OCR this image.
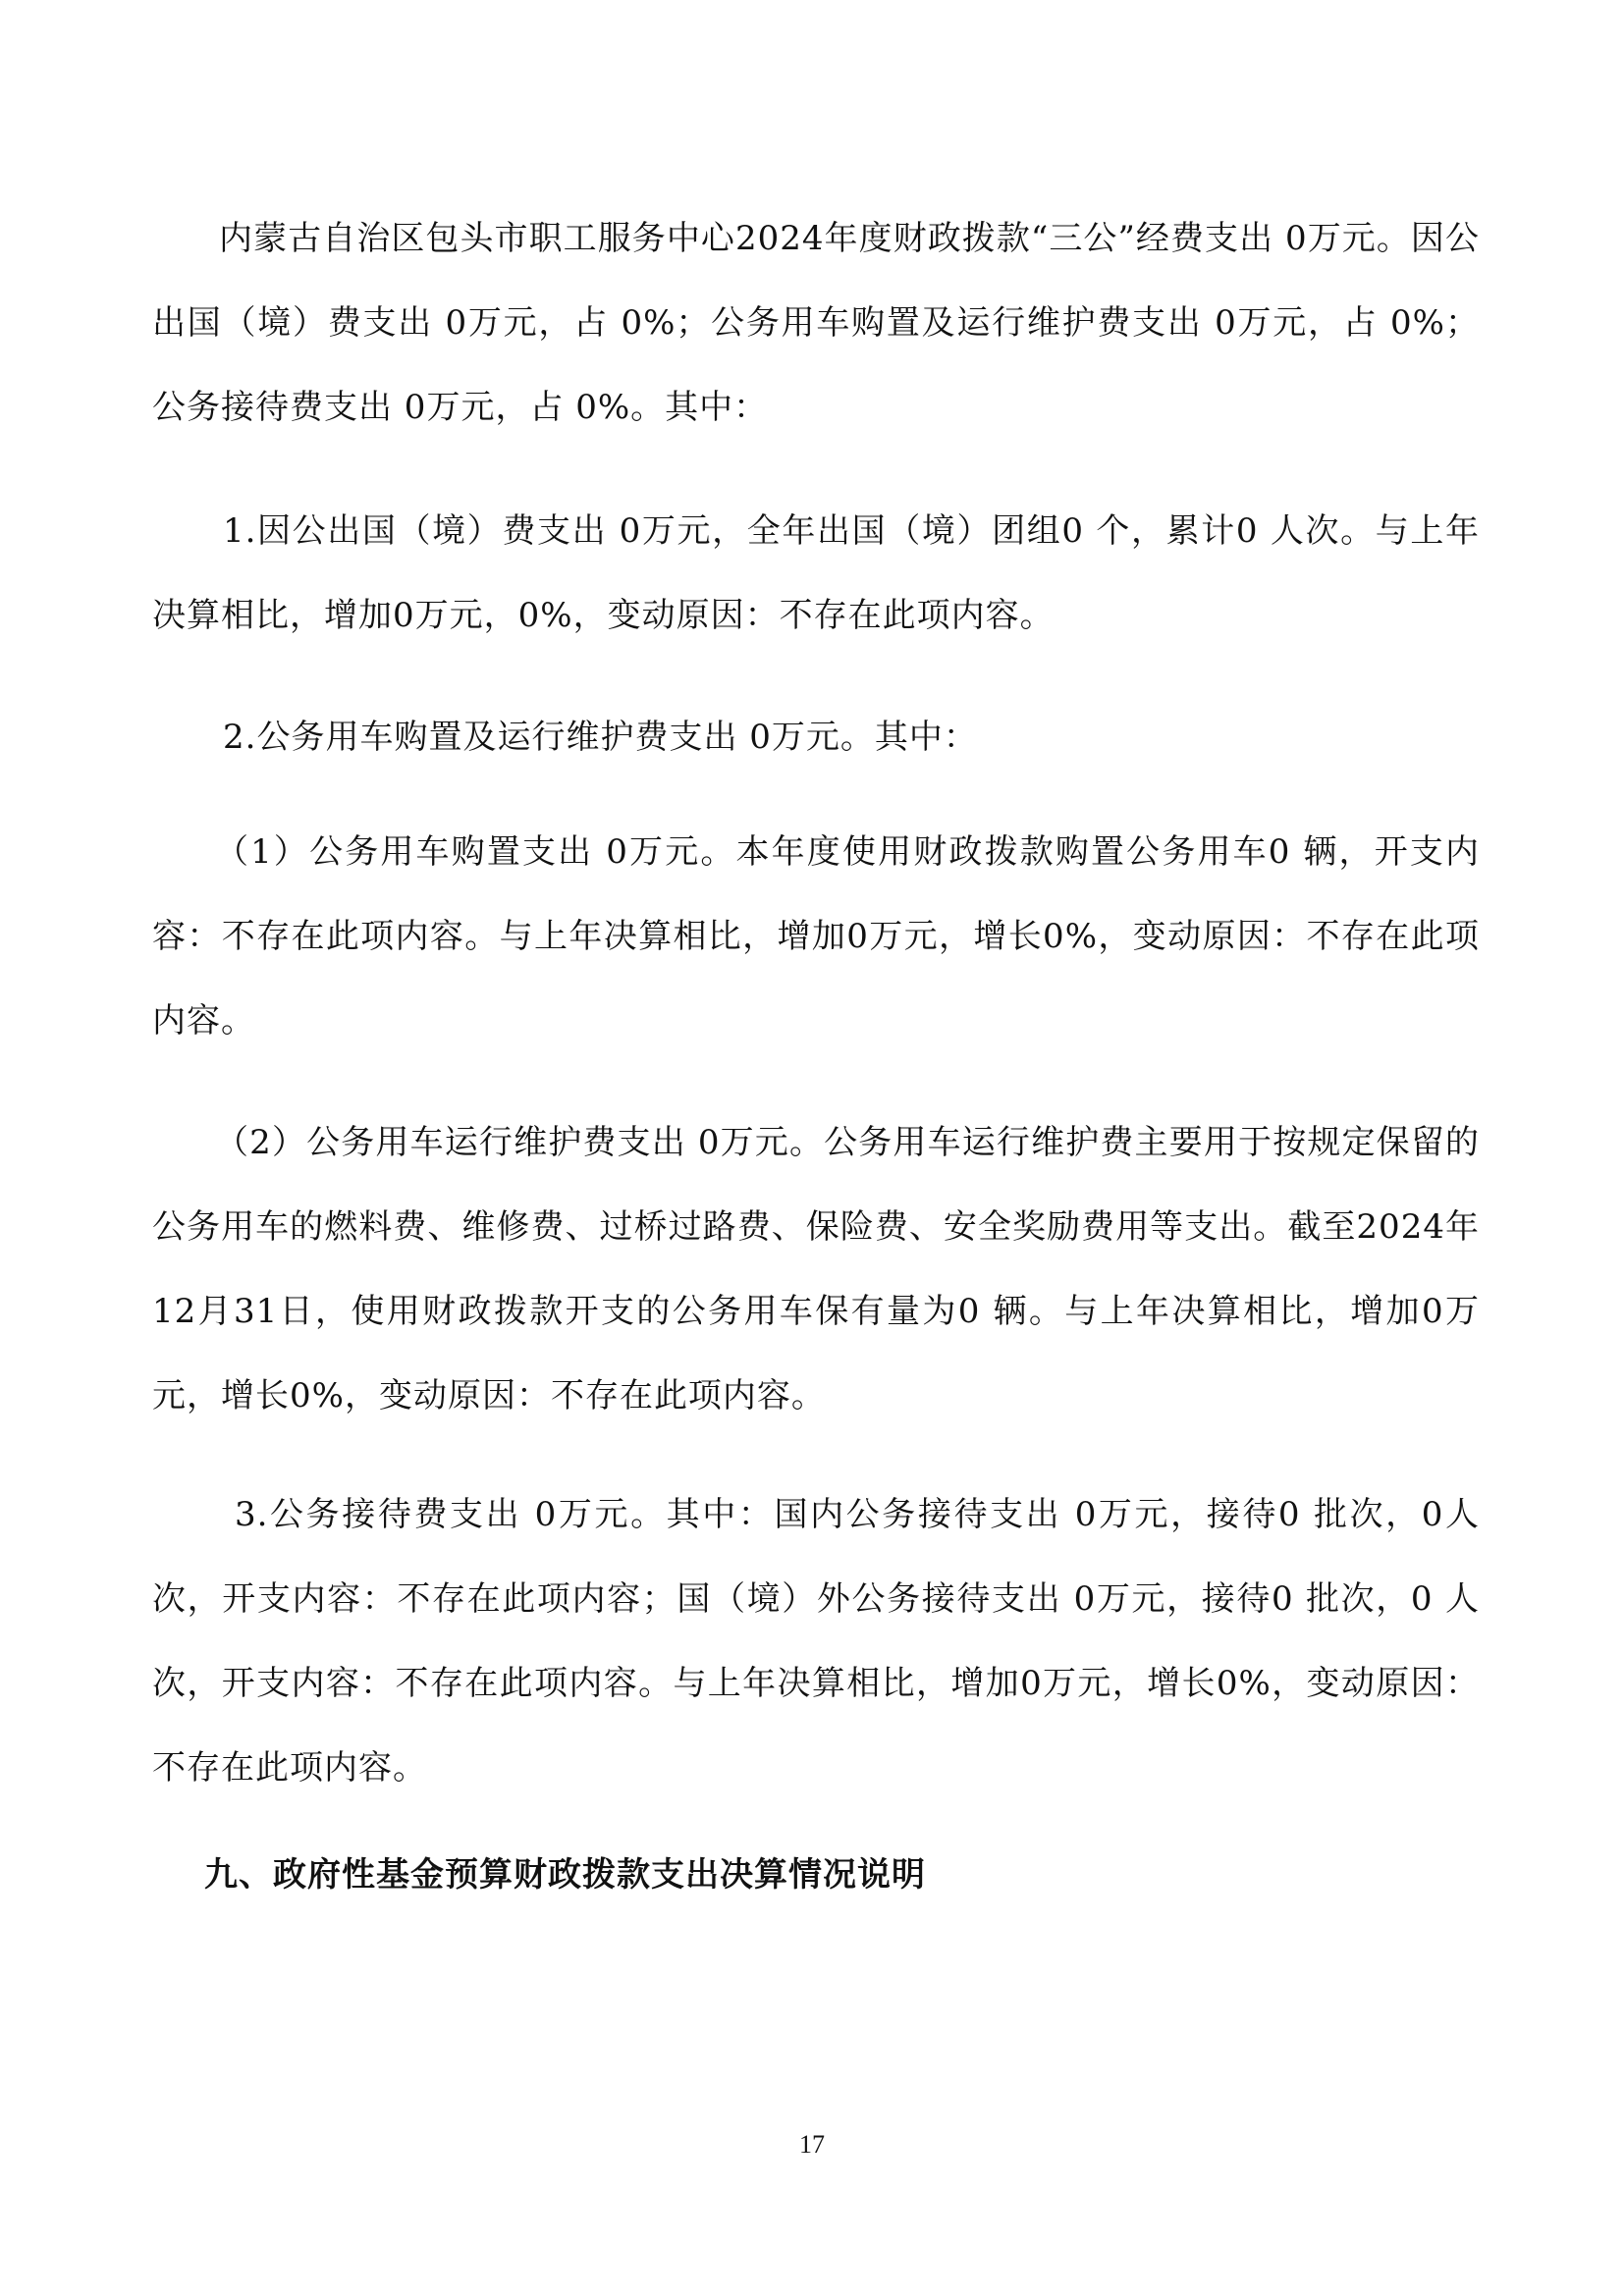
内蒙古自治区包头市职工服务中心2024年度财政拨款“三公”经费支出 0万元。因公出国（境）费支出 0万元，占 0%；公务用车购置及运行维护费支出 0万元，占 0%；公务接待费支出 0万元，占 0%。其中：

1.因公出国（境）费支出 0万元，全年出国（境）团组0 个，累计0 人次。与上年决算相比，增加0万元，0%，变动原因：不存在此项内容。

2.公务用车购置及运行维护费支出 0万元。其中：

（1）公务用车购置支出 0万元。本年度使用财政拨款购置公务用车0 辆，开支内容：不存在此项内容。与上年决算相比，增加0万元，增长0%，变动原因：不存在此项内容。

（2）公务用车运行维护费支出 0万元。公务用车运行维护费主要用于按规定保留的公务用车的燃料费、维修费、过桥过路费、保险费、安全奖励费用等支出。截至2024年12月31日，使用财政拨款开支的公务用车保有量为0 辆。与上年决算相比，增加0万元，增长0%，变动原因：不存在此项内容。

3.公务接待费支出 0万元。其中：国内公务接待支出 0万元，接待0 批次，0人次，开支内容：不存在此项内容；国（境）外公务接待支出 0万元，接待0 批次，0 人次，开支内容：不存在此项内容。与上年决算相比，增加0万元，增长0%，变动原因：不存在此项内容。

九、政府性基金预算财政拨款支出决算情况说明
17
